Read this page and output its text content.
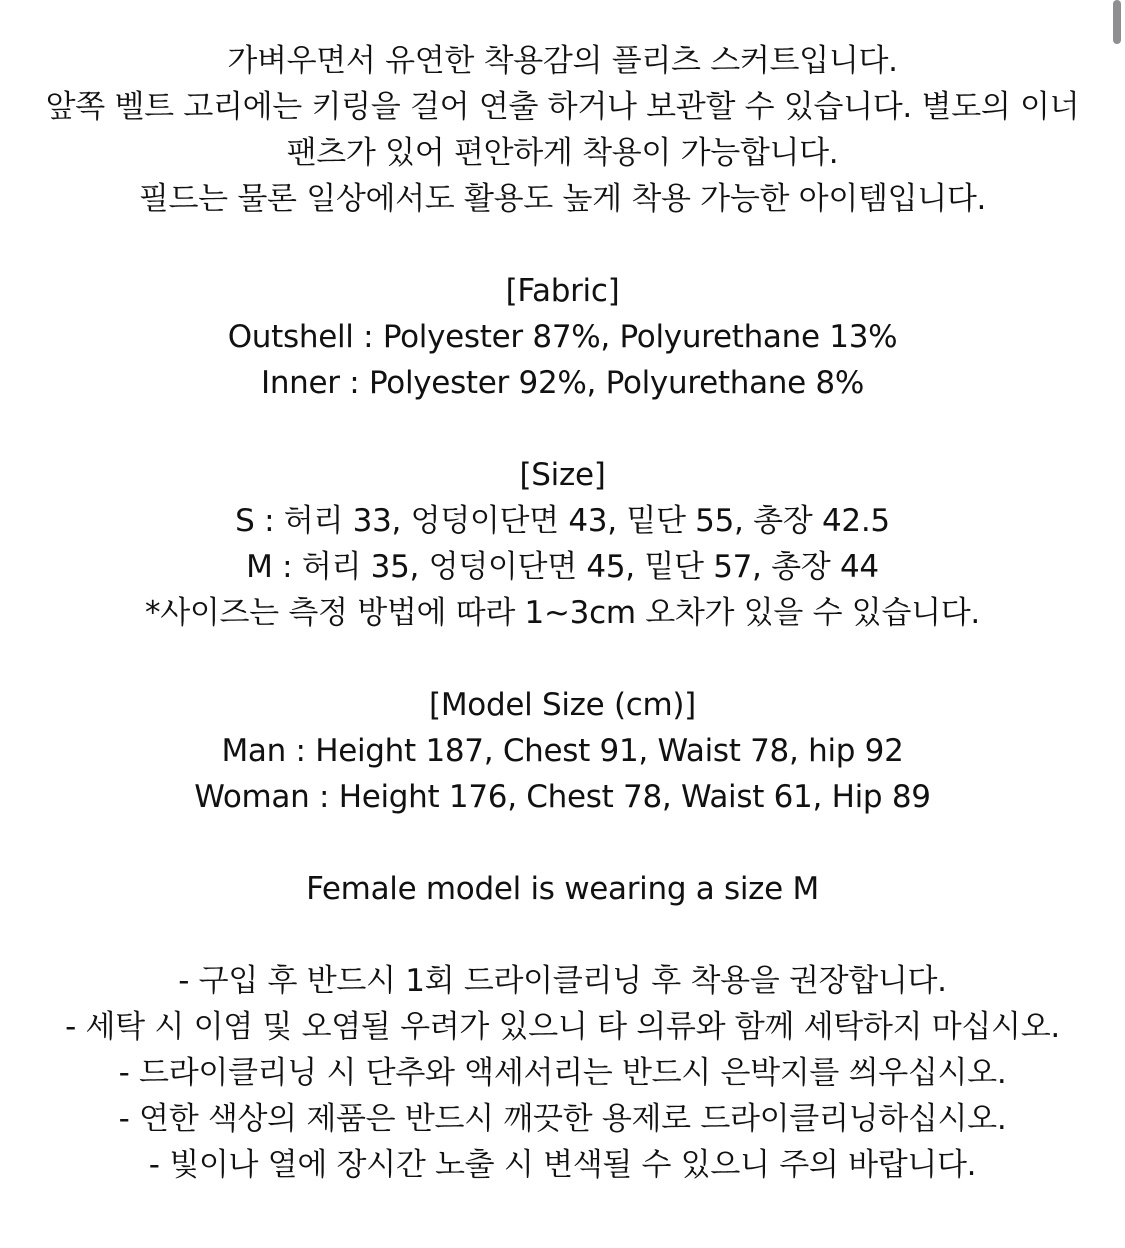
가벼우면서 유연한 착용감의 플리츠 스커트입니다.
앞쪽 벨트 고리에는 키링을 걸어 연출 하거나 보관할 수 있습니다. 별도의 이너
팬츠가 있어 편안하게 착용이 가능합니다.
필드는 물론 일상에서도 활용도 높게 착용 가능한 아이템입니다.
[Fabric]
Outshell : Polyester 87%, Polyurethane 13%
Inner : Polyester 92%, Polyurethane 8%
[Size]
S : 허리 33, 엉덩이단면 43, 밑단 55, 총장 42.5
M : 허리 35, 엉덩이단면 45, 밑단 57, 총장 44
*사이즈는 측정 방법에 따라 1~3cm 오차가 있을 수 있습니다.
[Model Size (cm)]
Man : Height 187, Chest 91, Waist 78, hip 92
Woman : Height 176, Chest 78, Waist 61, Hip 89
Female model is wearing a size M
- 구입 후 반드시 1회 드라이클리닝 후 착용을 권장합니다.
- 세탁 시 이염 및 오염될 우려가 있으니 타 의류와 함께 세탁하지 마십시오.
- 드라이클리닝 시 단추와 액세서리는 반드시 은박지를 씌우십시오.
- 연한 색상의 제품은 반드시 깨끗한 용제로 드라이클리닝하십시오.
- 빛이나 열에 장시간 노출 시 변색될 수 있으니 주의 바랍니다.
